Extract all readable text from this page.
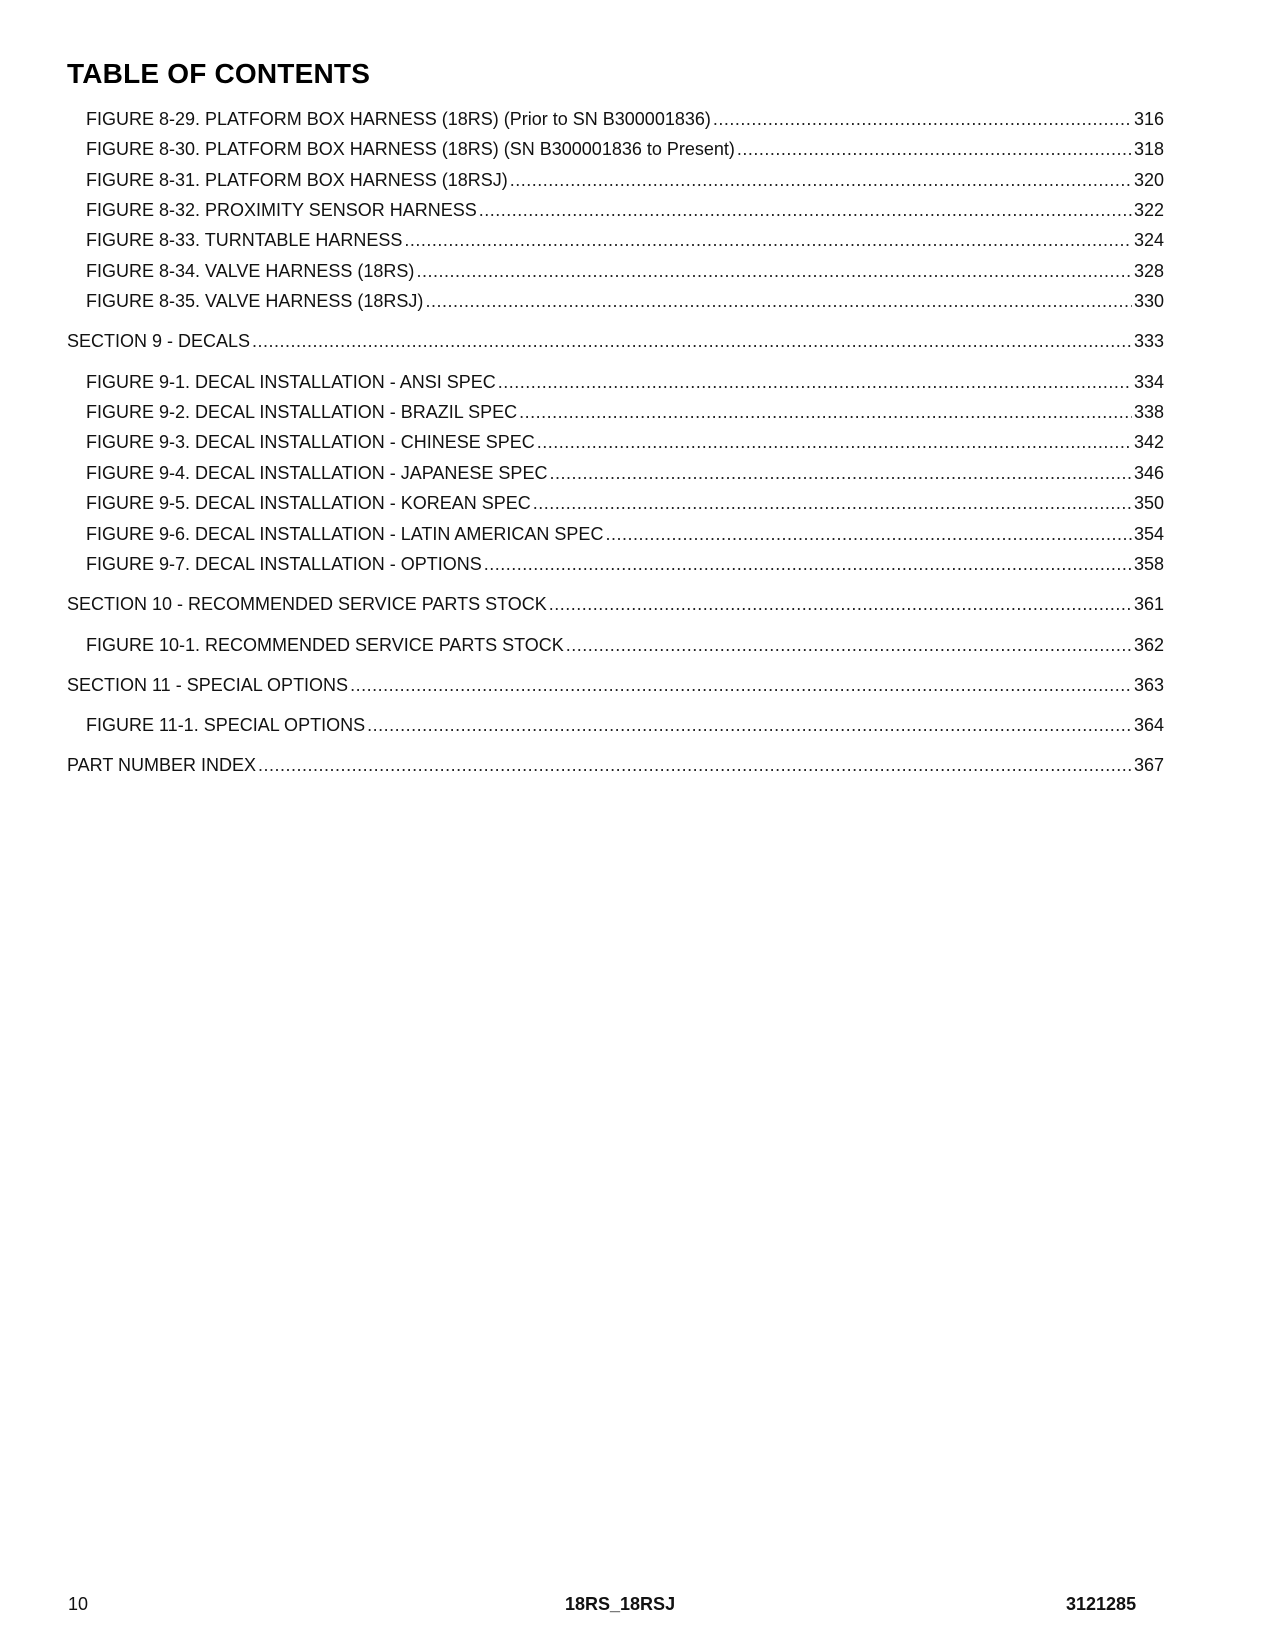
TABLE OF CONTENTS
FIGURE 8-29. PLATFORM BOX HARNESS (18RS) (Prior to SN B300001836) .....	316
FIGURE 8-30. PLATFORM BOX HARNESS (18RS) (SN B300001836 to Present) .....	318
FIGURE 8-31. PLATFORM BOX HARNESS (18RSJ) .....	320
FIGURE 8-32. PROXIMITY SENSOR HARNESS .....	322
FIGURE 8-33. TURNTABLE HARNESS .....	324
FIGURE 8-34. VALVE HARNESS (18RS) .....	328
FIGURE 8-35. VALVE HARNESS (18RSJ) .....	330
SECTION 9 - DECALS .....	333
FIGURE 9-1. DECAL INSTALLATION - ANSI SPEC .....	334
FIGURE 9-2. DECAL INSTALLATION - BRAZIL SPEC .....	338
FIGURE 9-3. DECAL INSTALLATION - CHINESE SPEC .....	342
FIGURE 9-4. DECAL INSTALLATION - JAPANESE SPEC .....	346
FIGURE 9-5. DECAL INSTALLATION - KOREAN SPEC .....	350
FIGURE 9-6. DECAL INSTALLATION - LATIN AMERICAN SPEC .....	354
FIGURE 9-7. DECAL INSTALLATION - OPTIONS .....	358
SECTION 10 - RECOMMENDED SERVICE PARTS STOCK .....	361
FIGURE 10-1. RECOMMENDED SERVICE PARTS STOCK .....	362
SECTION 11 - SPECIAL OPTIONS .....	363
FIGURE 11-1. SPECIAL OPTIONS .....	364
PART NUMBER INDEX .....	367
10	18RS_18RSJ	3121285
